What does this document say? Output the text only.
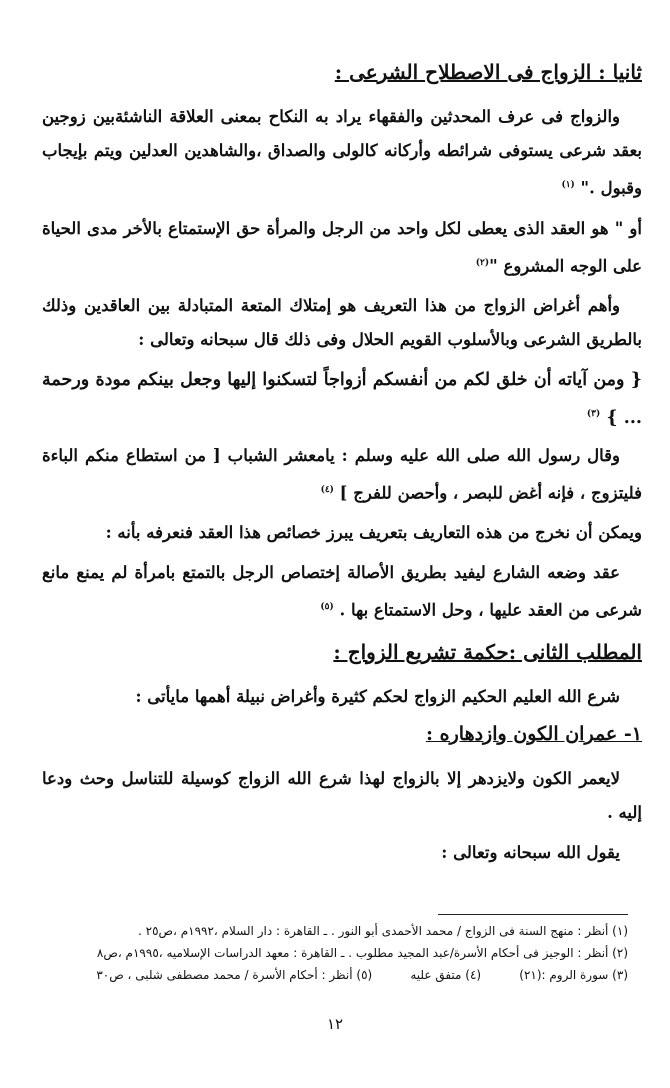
ثانيا : الزواج فى الاصطلاح الشرعى :

والزواج فى عرف المحدثين والفقهاء يراد به النكاح بمعنى العلاقة الناشئةبين زوجين بعقد شرعى يستوفى شرائطه وأركانه كالولى والصداق ،والشاهدين العدلين ويتم بإيجاب وقبول ." $^{(١)}$

أو " هو العقد الذى يعطى لكل واحد من الرجل والمرأة حق الإستمتاع بالأخر مدى الحياة على الوجه المشروع "$^{(٢)}$

وأهم أغراض الزواج من هذا التعريف هو إمتلاك المتعة المتبادلة بين العاقدين وذلك بالطريق الشرعى وبالأسلوب القويم الحلال وفى ذلك قال سبحانه وتعالى :

{ ومن آياته أن خلق لكم من أنفسكم أزواجاً لتسكنوا إليها وجعل بينكم مودة ورحمة ... } $^{(٣)}$

وقال رسول الله صلى الله عليه وسلم : يامعشر الشباب [ من استطاع منكم الباءة فليتزوج ، فإنه أغض للبصر ، وأحصن للفرج ] $^{(٤)}$

ويمكن أن نخرج من هذه التعاريف بتعريف يبرز خصائص هذا العقد فنعرفه بأنه :

عقد وضعه الشارع ليفيد بطريق الأصالة إختصاص الرجل بالتمتع بامرأة لم يمنع مانع شرعى من العقد عليها ، وحل الاستمتاع بها . $^{(٥)}$

المطلب الثانى :حكمة تشريع الزواج :

شرع الله العليم الحكيم الزواج لحكم كثيرة وأغراض نبيلة أهمها مايأتى :

١- عمران الكون وازدهاره :

لايعمر الكون ولايزدهر إلا بالزواج لهذا شرع الله الزواج كوسيلة للتناسل وحث ودعا إليه .

يقول الله سبحانه وتعالى :

(١) أنظر : منهج السنة فى الزواج / محمد الأحمدى أبو النور . ـ القاهرة : دار السلام ،١٩٩٢م ،ص٢٥ .
(٢) أنظر : الوجيز فى أحكام الأسرة/عبد المجيد مطلوب . ـ القاهرة : معهد الدراسات الإسلاميه ،١٩٩٥م ،ص٨
(٣) سورة الروم :(٢١)          (٤) متفق عليه          (٥) أنظر : أحكام الأسرة / محمد مصطفى شلبى ، ص٣٠
١٢
